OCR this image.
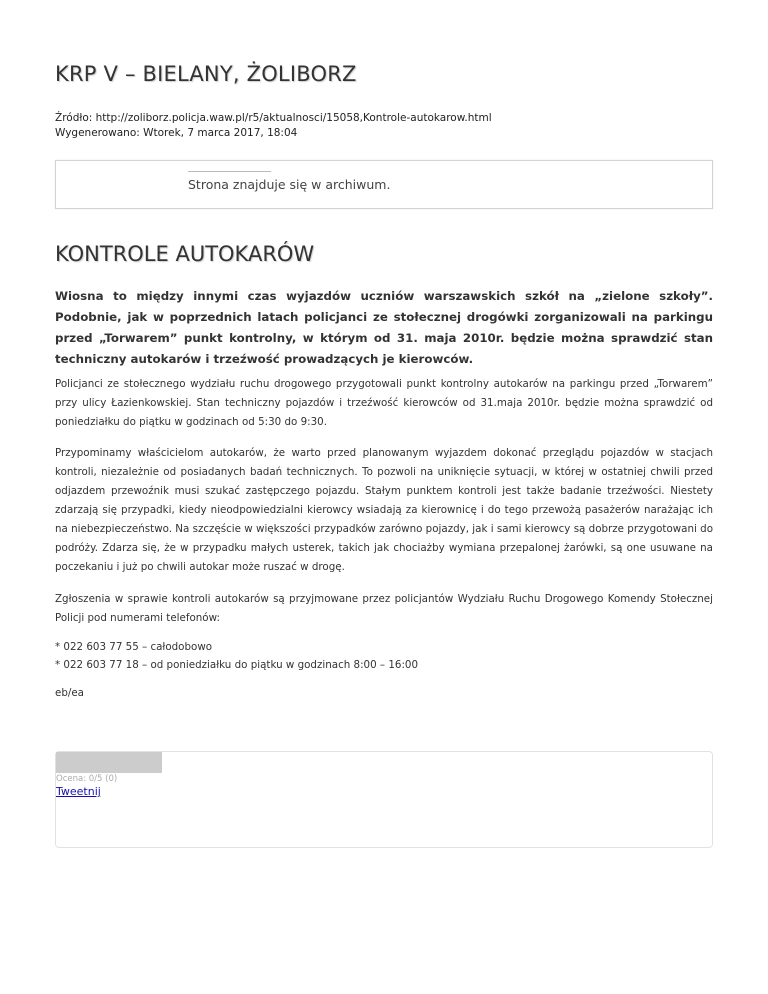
KRP V – BIELANY, ŻOLIBORZ
Źródło: http://zoliborz.policja.waw.pl/r5/aktualnosci/15058,Kontrole-autokarow.html
Wygenerowano: Wtorek, 7 marca 2017, 18:04
Strona znajduje się w archiwum.
KONTROLE AUTOKARÓW

Wiosna to między innymi czas wyjazdów uczniów warszawskich szkół na „zielone szkoły”. Podobnie, jak w poprzednich latach policjanci ze stołecznej drogówki zorganizowali na parkingu przed „Torwarem” punkt kontrolny, w którym od 31. maja 2010r. będzie można sprawdzić stan techniczny autokarów i trzeźwość prowadzących je kierowców.

Policjanci ze stołecznego wydziału ruchu drogowego przygotowali punkt kontrolny autokarów na parkingu przed „Torwarem” przy ulicy Łazienkowskiej. Stan techniczny pojazdów i trzeźwość kierowców od 31.maja 2010r. będzie można sprawdzić od poniedziałku do piątku w godzinach od 5:30 do 9:30.

Przypominamy właścicielom autokarów, że warto przed planowanym wyjazdem dokonać przeglądu pojazdów w stacjach kontroli, niezależnie od posiadanych badań technicznych. To pozwoli na uniknięcie sytuacji, w której w ostatniej chwili przed odjazdem przewoźnik musi szukać zastępczego pojazdu. Stałym punktem kontroli jest także badanie trzeźwości. Niestety zdarzają się przypadki, kiedy nieodpowiedzialni kierowcy wsiadają za kierownicę i do tego przewożą pasażerów narażając ich na niebezpieczeństwo. Na szczęście w większości przypadków zarówno pojazdy, jak i sami kierowcy są dobrze przygotowani do podróży. Zdarza się, że w przypadku małych usterek, takich jak chociażby wymiana przepalonej żarówki, są one usuwane na poczekaniu i już po chwili autokar może ruszać w drogę.

Zgłoszenia w sprawie kontroli autokarów są przyjmowane przez policjantów Wydziału Ruchu Drogowego Komendy Stołecznej Policji pod numerami telefonów:

* 022 603 77 55 – całodobowo

* 022 603 77 18 – od poniedziałku do piątku w godzinach 8:00 – 16:00

eb/ea

Ocena: 0/5 (0)
Tweetnij
